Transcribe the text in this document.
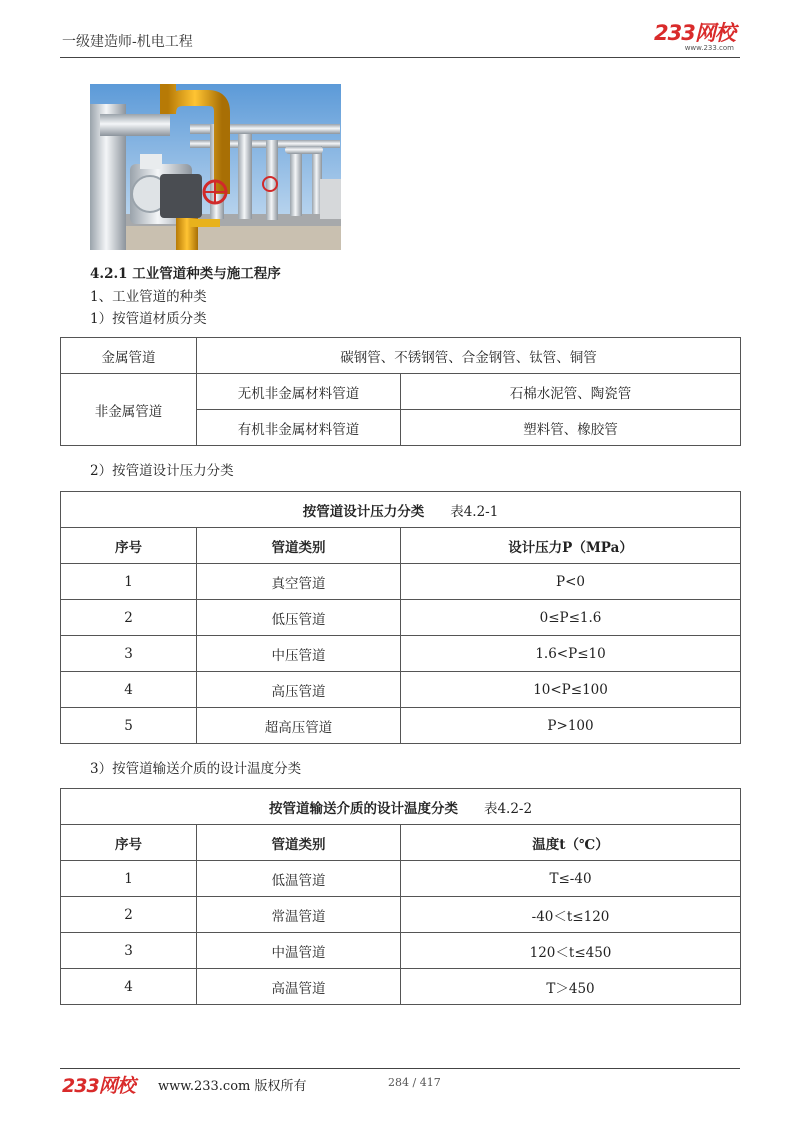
一级建造师-机电工程	233网校
www.233.com
4.2.1 工业管道种类与施工程序
1、工业管道的种类
1）按管道材质分类
金属管道	碳钢管、不锈钢管、合金钢管、钛管、铜管	
非金属管道	无机非金属材料管道	石棉水泥管、陶瓷管
	有机非金属材料管道	塑料管、橡胶管
2）按管道设计压力分类
按管道设计压力分类 表4.2-1		
序号	管道类别	设计压力P（MPa）
1	真空管道	P<0
2	低压管道	0≤P≤1.6
3	中压管道	1.6<P≤10
4	高压管道	10<P≤100
5	超高压管道	P>100
3）按管道输送介质的设计温度分类
按管道输送介质的设计温度分类 表4.2-2		
序号	管道类别	温度t（℃）
1	低温管道	T≤-40
2	常温管道	-40＜t≤120
3	中温管道	120＜t≤450
4	高温管道	T＞450
233网校 www.233.com 版权所有	284 / 417
